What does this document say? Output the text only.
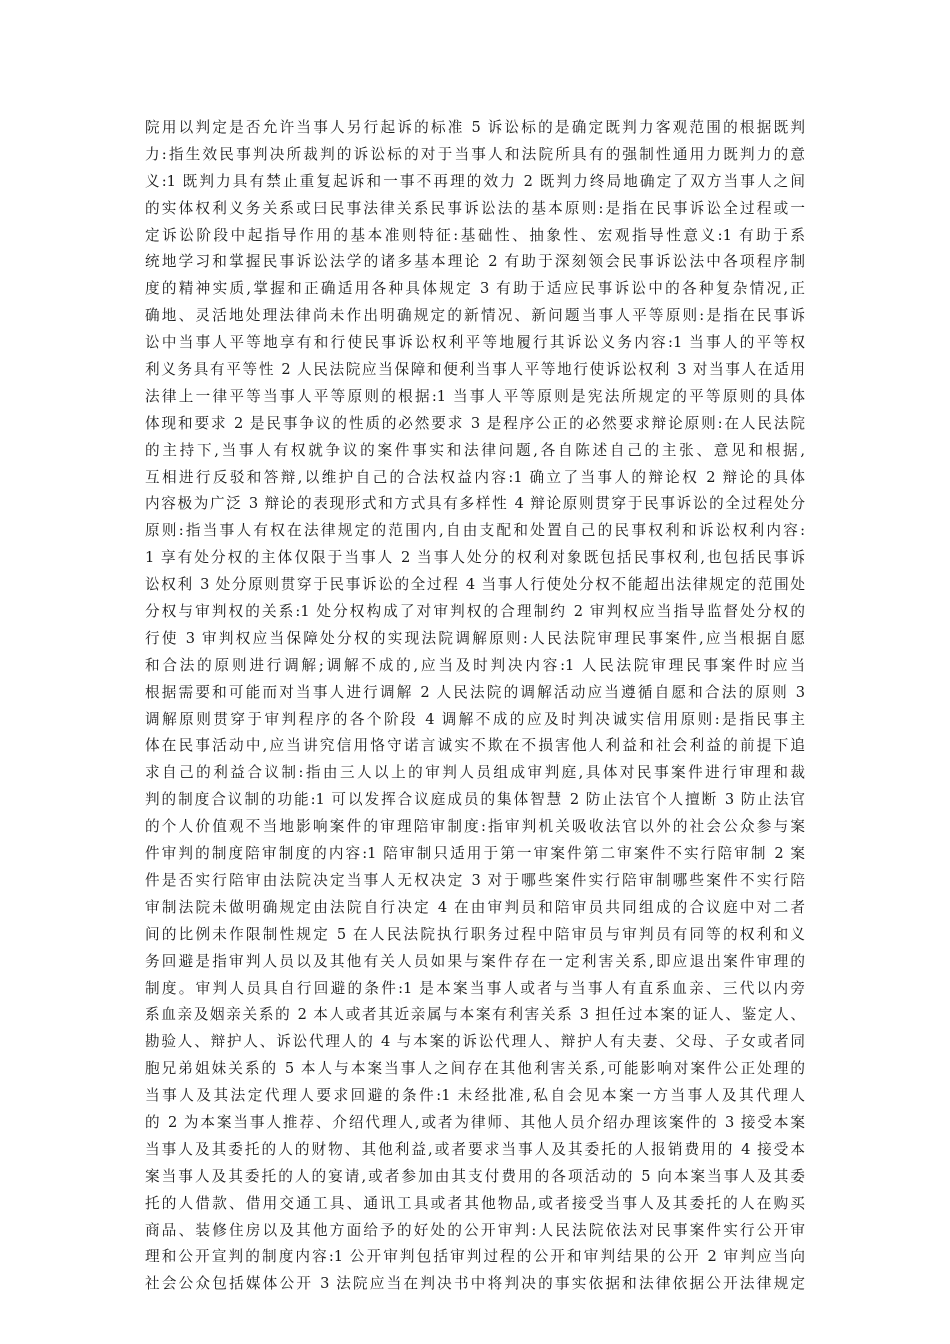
院用以判定是否允许当事人另行起诉的标准 5 诉讼标的是确定既判力客观范围的根据既判
力:指生效民事判决所裁判的诉讼标的对于当事人和法院所具有的强制性通用力既判力的意
义:1 既判力具有禁止重复起诉和一事不再理的效力 2 既判力终局地确定了双方当事人之间
的实体权利义务关系或曰民事法律关系民事诉讼法的基本原则:是指在民事诉讼全过程或一
定诉讼阶段中起指导作用的基本准则特征:基础性、抽象性、宏观指导性意义:1 有助于系
统地学习和掌握民事诉讼法学的诸多基本理论 2 有助于深刻领会民事诉讼法中各项程序制
度的精神实质,掌握和正确适用各种具体规定 3 有助于适应民事诉讼中的各种复杂情况,正
确地、灵活地处理法律尚未作出明确规定的新情况、新问题当事人平等原则:是指在民事诉
讼中当事人平等地享有和行使民事诉讼权利平等地履行其诉讼义务内容:1 当事人的平等权
利义务具有平等性 2 人民法院应当保障和便利当事人平等地行使诉讼权利 3 对当事人在适用
法律上一律平等当事人平等原则的根据:1 当事人平等原则是宪法所规定的平等原则的具体
体现和要求 2 是民事争议的性质的必然要求 3 是程序公正的必然要求辩论原则:在人民法院
的主持下,当事人有权就争议的案件事实和法律问题,各自陈述自己的主张、意见和根据,
互相进行反驳和答辩,以维护自己的合法权益内容:1 确立了当事人的辩论权 2 辩论的具体
内容极为广泛 3 辩论的表现形式和方式具有多样性 4 辩论原则贯穿于民事诉讼的全过程处分
原则:指当事人有权在法律规定的范围内,自由支配和处置自己的民事权利和诉讼权利内容:
1 享有处分权的主体仅限于当事人 2 当事人处分的权利对象既包括民事权利,也包括民事诉
讼权利 3 处分原则贯穿于民事诉讼的全过程 4 当事人行使处分权不能超出法律规定的范围处
分权与审判权的关系:1 处分权构成了对审判权的合理制约 2 审判权应当指导监督处分权的
行使 3 审判权应当保障处分权的实现法院调解原则:人民法院审理民事案件,应当根据自愿
和合法的原则进行调解;调解不成的,应当及时判决内容:1 人民法院审理民事案件时应当
根据需要和可能而对当事人进行调解 2 人民法院的调解活动应当遵循自愿和合法的原则 3
调解原则贯穿于审判程序的各个阶段 4 调解不成的应及时判决诚实信用原则:是指民事主
体在民事活动中,应当讲究信用恪守诺言诚实不欺在不损害他人利益和社会利益的前提下追
求自己的利益合议制:指由三人以上的审判人员组成审判庭,具体对民事案件进行审理和裁
判的制度合议制的功能:1 可以发挥合议庭成员的集体智慧 2 防止法官个人擅断 3 防止法官
的个人价值观不当地影响案件的审理陪审制度:指审判机关吸收法官以外的社会公众参与案
件审判的制度陪审制度的内容:1 陪审制只适用于第一审案件第二审案件不实行陪审制 2 案
件是否实行陪审由法院决定当事人无权决定 3 对于哪些案件实行陪审制哪些案件不实行陪
审制法院未做明确规定由法院自行决定 4 在由审判员和陪审员共同组成的合议庭中对二者
间的比例未作限制性规定 5 在人民法院执行职务过程中陪审员与审判员有同等的权利和义
务回避是指审判人员以及其他有关人员如果与案件存在一定利害关系,即应退出案件审理的
制度。审判人员具自行回避的条件:1 是本案当事人或者与当事人有直系血亲、三代以内旁
系血亲及姻亲关系的 2 本人或者其近亲属与本案有利害关系 3 担任过本案的证人、鉴定人、
勘验人、辩护人、诉讼代理人的 4 与本案的诉讼代理人、辩护人有夫妻、父母、子女或者同
胞兄弟姐妹关系的 5 本人与本案当事人之间存在其他利害关系,可能影响对案件公正处理的
当事人及其法定代理人要求回避的条件:1 未经批准,私自会见本案一方当事人及其代理人
的 2 为本案当事人推荐、介绍代理人,或者为律师、其他人员介绍办理该案件的 3 接受本案
当事人及其委托的人的财物、其他利益,或者要求当事人及其委托的人报销费用的 4 接受本
案当事人及其委托的人的宴请,或者参加由其支付费用的各项活动的 5 向本案当事人及其委
托的人借款、借用交通工具、通讯工具或者其他物品,或者接受当事人及其委托的人在购买
商品、装修住房以及其他方面给予的好处的公开审判:人民法院依法对民事案件实行公开审
理和公开宣判的制度内容:1 公开审判包括审判过程的公开和审判结果的公开 2 审判应当向
社会公众包括媒体公开 3 法院应当在判决书中将判决的事实依据和法律依据公开法律规定
